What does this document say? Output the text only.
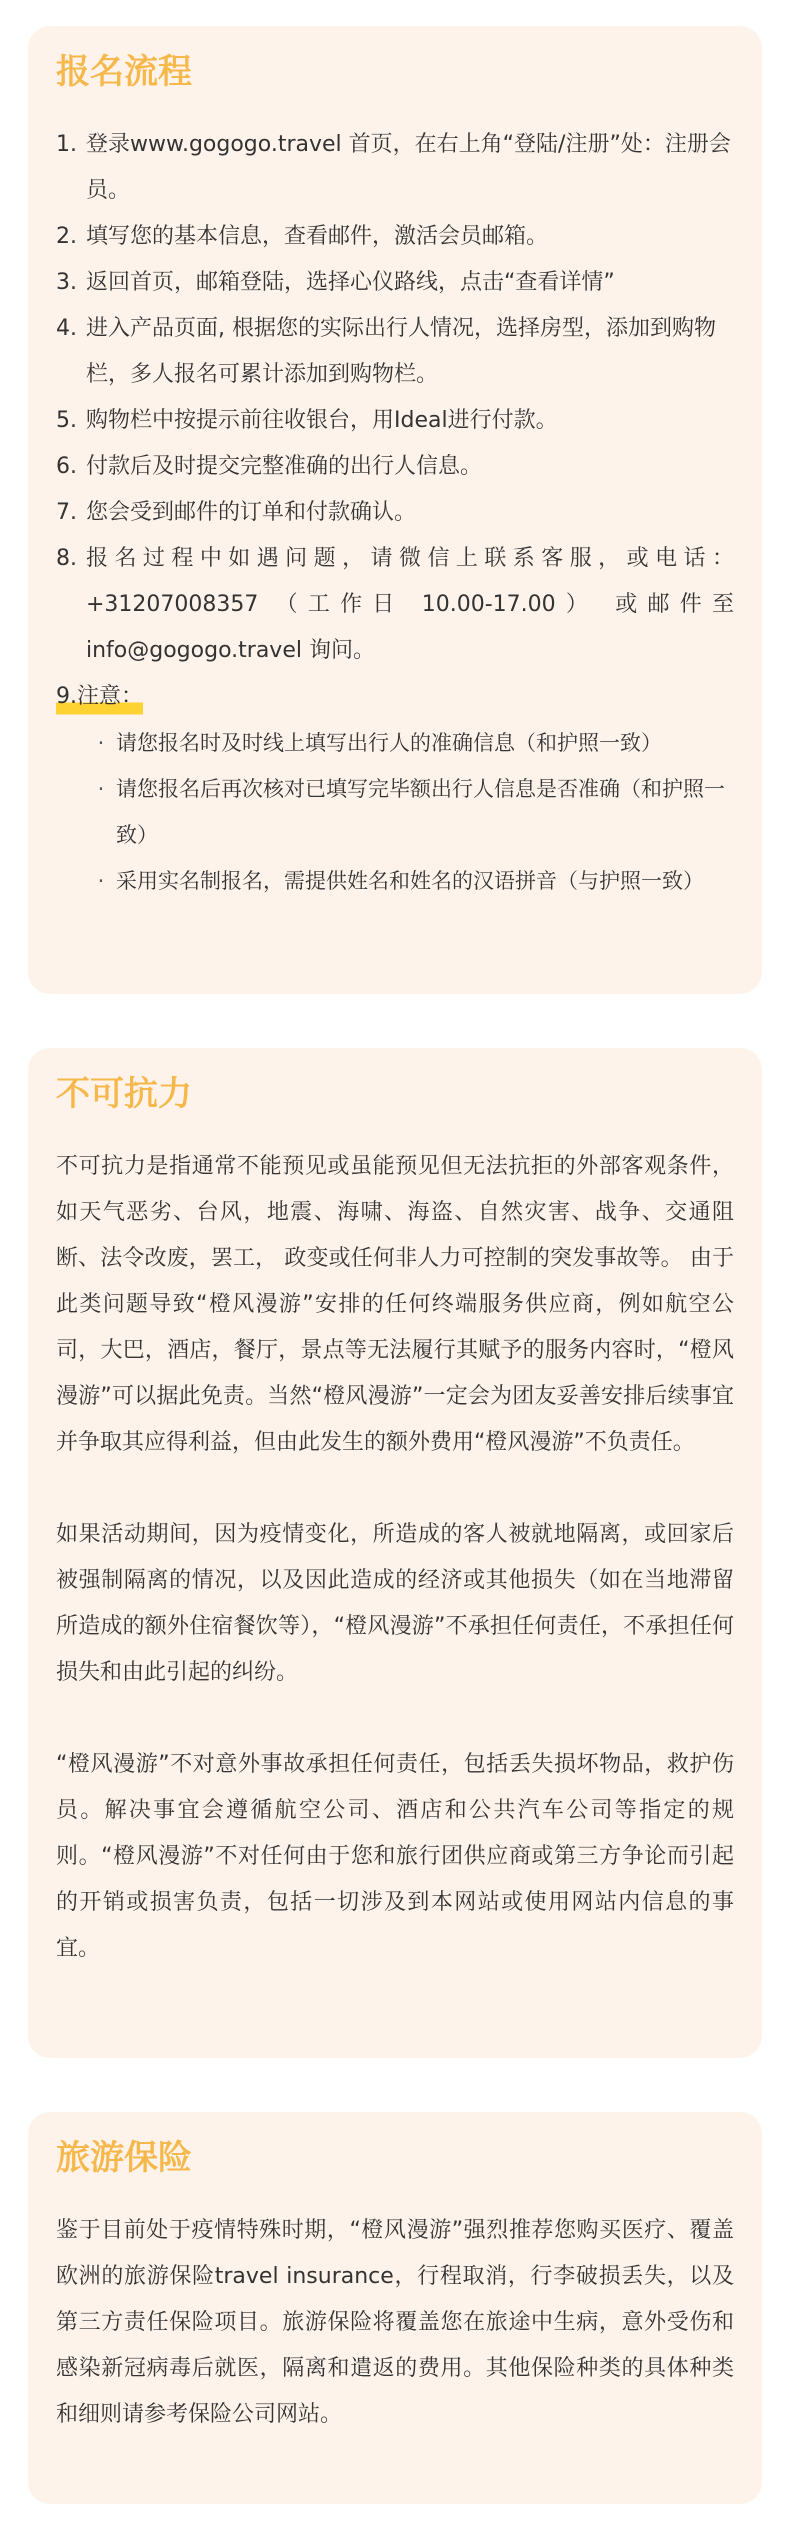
报名流程
1. 登录www.gogogo.travel 首页，在右上角“登陆/注册”处：注册会员。
2. 填写您的基本信息，查看邮件，激活会员邮箱。
3. 返回首页，邮箱登陆，选择心仪路线，点击“查看详情”
4. 进入产品页面, 根据您的实际出行人情况，选择房型，添加到购物栏，多人报名可累计添加到购物栏。
5. 购物栏中按提示前往收银台，用Ideal进行付款。
6. 付款后及时提交完整准确的出行人信息。
7. 您会受到邮件的订单和付款确认。
8. 报名过程中如遇问题，请微信上联系客服，或电话：+31207008357 （工作日 10.00-17.00） 或邮件至 info@gogogo.travel 询问。
9.注意：
· 请您报名时及时线上填写出行人的准确信息（和护照一致）
· 请您报名后再次核对已填写完毕额出行人信息是否准确（和护照一致）
· 采用实名制报名，需提供姓名和姓名的汉语拼音（与护照一致）
不可抗力

不可抗力是指通常不能预见或虽能预见但无法抗拒的外部客观条件，如天气恶劣、台风，地震、海啸、海盗、自然灾害、战争、交通阻断、法令改废，罢工， 政变或任何非人力可控制的突发事故等。 由于此类问题导致“橙风漫游”安排的任何终端服务供应商，例如航空公司，大巴，酒店，餐厅，景点等无法履行其赋予的服务内容时，“橙风漫游”可以据此免责。当然“橙风漫游”一定会为团友妥善安排后续事宜并争取其应得利益，但由此发生的额外费用“橙风漫游”不负责任。

如果活动期间，因为疫情变化，所造成的客人被就地隔离，或回家后被强制隔离的情况，以及因此造成的经济或其他损失（如在当地滞留所造成的额外住宿餐饮等），“橙风漫游”不承担任何责任，不承担任何损失和由此引起的纠纷。

“橙风漫游”不对意外事故承担任何责任，包括丢失损坏物品，救护伤员。解决事宜会遵循航空公司、酒店和公共汽车公司等指定的规则。“橙风漫游”不对任何由于您和旅行团供应商或第三方争论而引起的开销或损害负责，包括一切涉及到本网站或使用网站内信息的事宜。

旅游保险

鉴于目前处于疫情特殊时期，“橙风漫游”强烈推荐您购买医疗、覆盖欧洲的旅游保险travel insurance，行程取消，行李破损丢失，以及第三方责任保险项目。旅游保险将覆盖您在旅途中生病，意外受伤和感染新冠病毒后就医，隔离和遣返的费用。其他保险种类的具体种类和细则请参考保险公司网站。
